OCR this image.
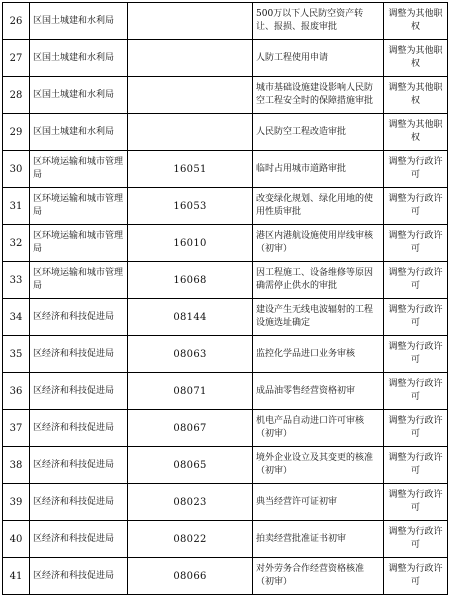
26	区国土城建和水利局		500万以下人民防空资产转让、报损、报废审批	调整为其他职权
27	区国土城建和水利局		人防工程使用申请	调整为其他职权
28	区国土城建和水利局		城市基础设施建设影响人民防空工程安全时的保障措施审批	调整为其他职权
29	区国土城建和水利局		人民防空工程改造审批	调整为其他职权
30	区环境运输和城市管理局	16051	临时占用城市道路审批	调整为行政许可
31	区环境运输和城市管理局	16053	改变绿化规划、绿化用地的使用性质审批	调整为行政许可
32	区环境运输和城市管理局	16010	港区内港航设施使用岸线审核（初审）	调整为行政许可
33	区环境运输和城市管理局	16068	因工程施工、设备维修等原因确需停止供水的审批	调整为行政许可
34	区经济和科技促进局	08144	建设产生无线电波辐射的工程设施选址确定	调整为行政许可
35	区经济和科技促进局	08063	监控化学品进口业务审核	调整为行政许可
36	区经济和科技促进局	08071	成品油零售经营资格初审	调整为行政许可
37	区经济和科技促进局	08067	机电产品自动进口许可审核（初审）	调整为行政许可
38	区经济和科技促进局	08065	境外企业设立及其变更的核准（初审）	调整为行政许可
39	区经济和科技促进局	08023	典当经营许可证初审	调整为行政许可
40	区经济和科技促进局	08022	拍卖经营批准证书初审	调整为行政许可
41	区经济和科技促进局	08066	对外劳务合作经营资格核准（初审）	调整为行政许可
